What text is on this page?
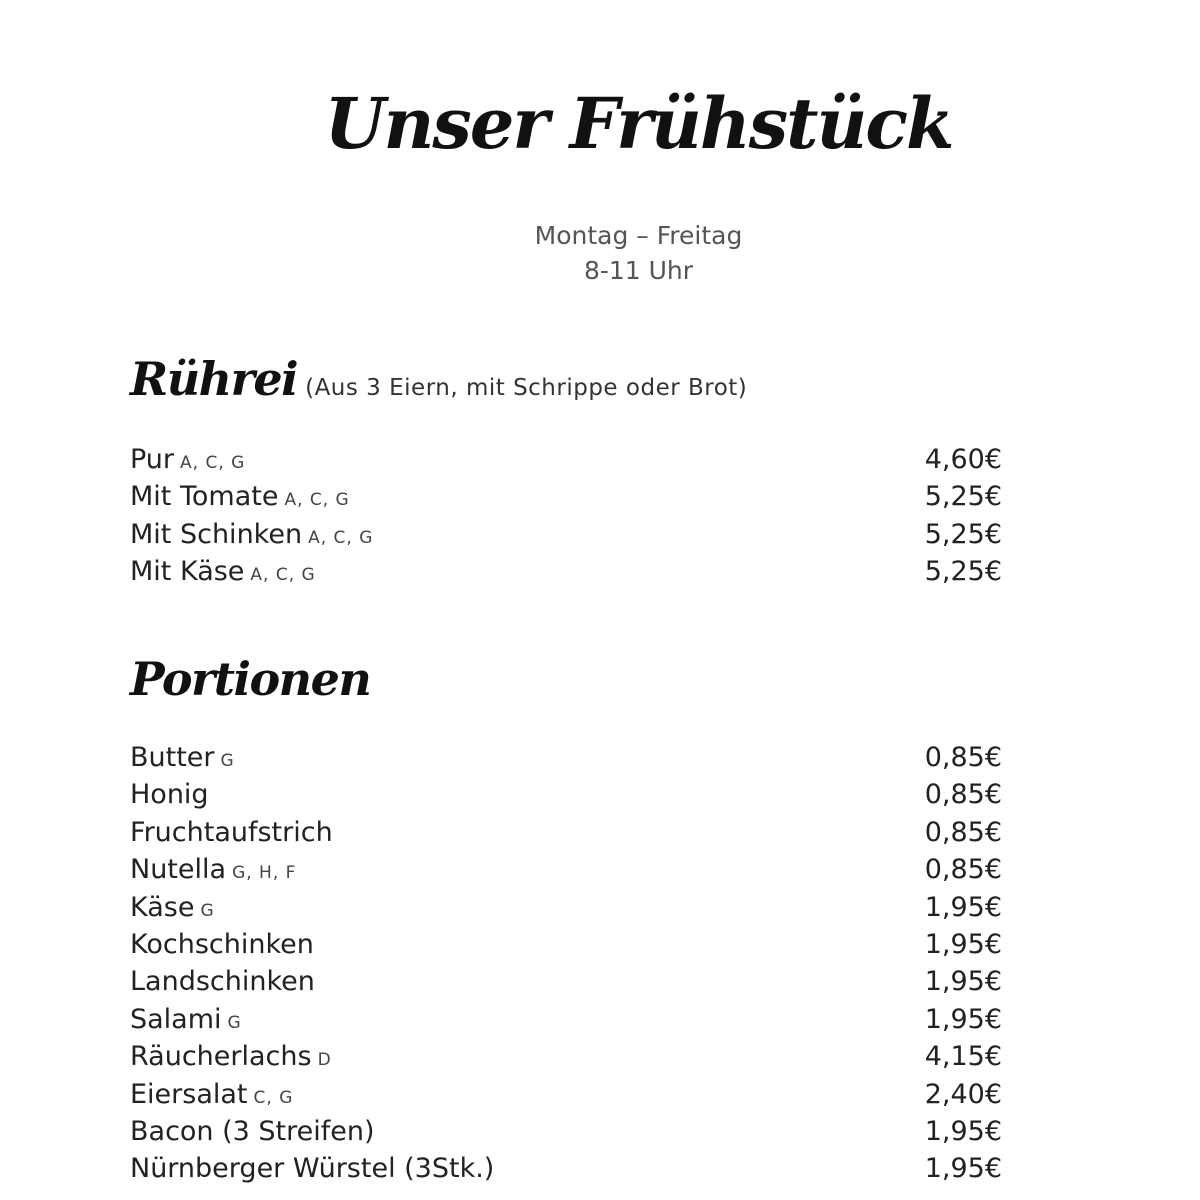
Unser Frühstück
Montag – Freitag
8-11 Uhr
Rührei (Aus 3 Eiern, mit Schrippe oder Brot)
Pur A, C, G	4,60€
Mit Tomate A, C, G	5,25€
Mit Schinken A, C, G	5,25€
Mit Käse A, C, G	5,25€
Portionen
Butter G	0,85€
Honig	0,85€
Fruchtaufstrich	0,85€
Nutella G, H, F	0,85€
Käse G	1,95€
Kochschinken	1,95€
Landschinken	1,95€
Salami G	1,95€
Räucherlachs D	4,15€
Eiersalat C, G	2,40€
Bacon (3 Streifen)	1,95€
Nürnberger Würstel (3Stk.)	1,95€
